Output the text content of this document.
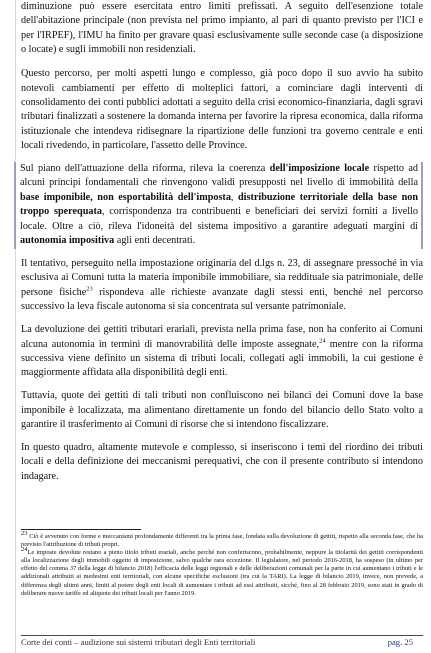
diminuzione può essere esercitata entro limiti prefissati. A seguito dell'esenzione totale dell'abitazione principale (non prevista nel primo impianto, al pari di quanto previsto per l'ICI e per l'IRPEF), l'IMU ha finito per gravare quasi esclusivamente sulle seconde case (a disposizione o locate) e sugli immobili non residenziali.

Questo percorso, per molti aspetti lungo e complesso, già poco dopo il suo avvio ha subito notevoli cambiamenti per effetto di molteplici fattori, a cominciare dagli interventi di consolidamento dei conti pubblici adottati a seguito della crisi economico-finanziaria, dagli sgravi tributari finalizzati a sostenere la domanda interna per favorire la ripresa economica, dalla riforma istituzionale che intendeva ridisegnare la ripartizione delle funzioni tra governo centrale e enti locali rivedendo, in particolare, l'assetto delle Province.

Sul piano dell'attuazione della riforma, rileva la coerenza dell'imposizione locale rispetto ad alcuni principi fondamentali che rinvengono validi presupposti nel livello di immobilità della base imponibile, non esportabilità dell'imposta, distribuzione territoriale della base non troppo sperequata, corrispondenza tra contribuenti e beneficiari dei servizi forniti a livello locale. Oltre a ciò, rileva l'idoneità del sistema impositivo a garantire adeguati margini di autonomia impositiva agli enti decentrati.

Il tentativo, perseguito nella impostazione originaria del d.lgs n. 23, di assegnare pressoché in via esclusiva ai Comuni tutta la materia imponibile immobiliare, sia reddituale sia patrimoniale, delle persone fisiche$^{23}$ rispondeva alle richieste avanzate dagli stessi enti, benché nel percorso successivo la leva fiscale autonoma si sia concentrata sul versante patrimoniale.

La devoluzione dei gettiti tributari erariali, prevista nella prima fase, non ha conferito ai Comuni alcuna autonomia in termini di manovrabilità delle imposte assegnate,$^{24}$ mentre con la riforma successiva viene definito un sistema di tributi locali, collegati agli immobili, la cui gestione è maggiormente affidata alla disponibilità degli enti.

Tuttavia, quote dei gettiti di tali tributi non confluiscono nei bilanci dei Comuni dove la base imponibile è localizzata, ma alimentano direttamente un fondo del bilancio dello Stato volto a garantire il trasferimento ai Comuni di risorse che si intendono fiscalizzare.

In questo quadro, altamente mutevole e complesso, si inseriscono i temi del riordino dei tributi locali e della definizione dei meccanismi perequativi, che con il presente contributo si intendono indagare.

$^{23}$ Ciò è avvenuto con forme e meccanismi profondamente differenti tra la prima fase, fondata sulla devoluzione di gettiti, rispetto alla seconda fase, che ha previsto l'attribuzione di tributi propri.

$^{24}$Le imposte devolute restano a pieno titolo tributi erariali, anche perché non conferiscono, probabilmente, neppure la titolarità dei gettiti corrispondenti alla localizzazione degli immobili oggetto di imposizione, salvo qualche rara eccezione. Il legislatore, nel periodo 2016-2018, ha sospeso (in ultimo per effetto del comma 37 della legge di bilancio 2018) l'efficacia delle leggi regionali e delle deliberazioni comunali per la parte in cui aumentano i tributi e le addizionali attribuiti ai medesimi enti territoriali, con alcune specifiche esclusioni (tra cui la TARI). La legge di bilancio 2019, invece, non prevede, a differenza degli ultimi anni, limiti al potere degli enti locali di aumentare i tributi ad essi attribuiti, sicché, fino al 28 febbraio 2019, sono stati in grado di deliberare nuove tariffe ed aliquote dei tributi locali per l'anno 2019.

Corte dei conti – audizione sui sistemi tributari degli Enti territoriali	pag. 25
